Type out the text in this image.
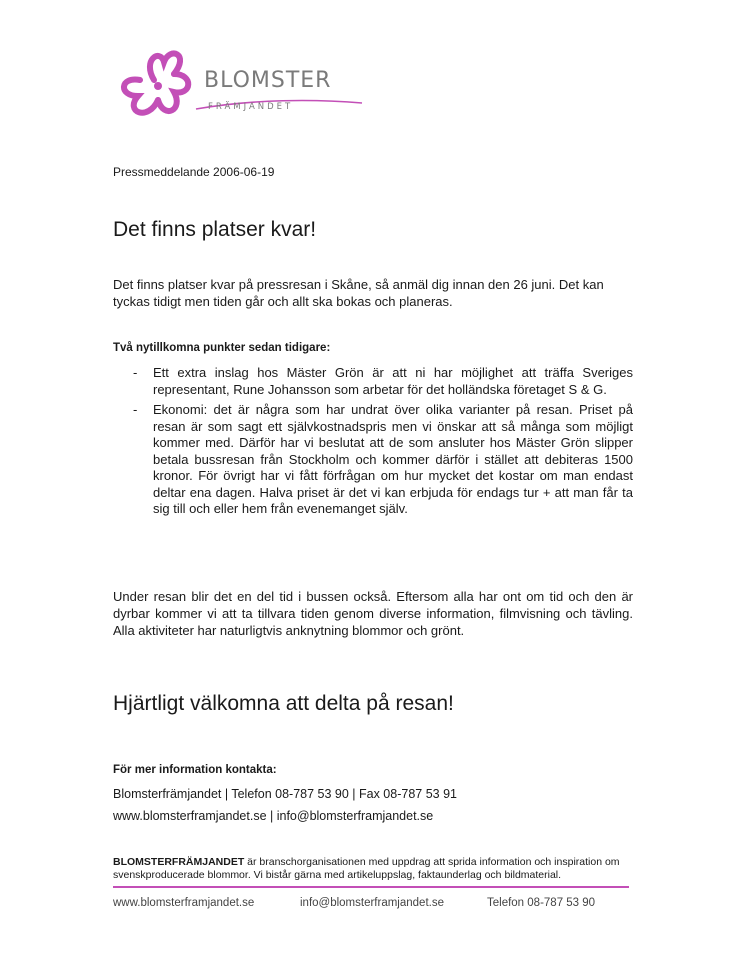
BLOMSTER
FRÄMJANDET
Pressmeddelande 2006-06-19
Det finns platser kvar!

Det finns platser kvar på pressresan i Skåne, så anmäl dig innan den 26 juni. Det kan tyckas tidigt men tiden går och allt ska bokas och planeras.

Två nytillkomna punkter sedan tidigare:
- Ett extra inslag hos Mäster Grön är att ni har möjlighet att träffa Sveriges representant, Rune Johansson som arbetar för det holländska företaget S & G.
- Ekonomi: det är några som har undrat över olika varianter på resan. Priset på resan är som sagt ett självkostnadspris men vi önskar att så många som möjligt kommer med. Därför har vi beslutat att de som ansluter hos Mäster Grön slipper betala bussresan från Stockholm och kommer därför i stället att debiteras 1500 kronor. För övrigt har vi fått förfrågan om hur mycket det kostar om man endast deltar ena dagen. Halva priset är det vi kan erbjuda för endags tur + att man får ta sig till och eller hem från evenemanget själv.

Under resan blir det en del tid i bussen också. Eftersom alla har ont om tid och den är dyrbar kommer vi att ta tillvara tiden genom diverse information, filmvisning och tävling. Alla aktiviteter har naturligtvis anknytning blommor och grönt.

Hjärtligt välkomna att delta på resan!
För mer information kontakta:
Blomsterfrämjandet | Telefon 08-787 53 90 | Fax 08-787 53 91
www.blomsterframjandet.se | info@blomsterframjandet.se
BLOMSTERFRÄMJANDET är branschorganisationen med uppdrag att sprida information och inspiration om svenskproducerade blommor. Vi bistår gärna med artikeluppslag, faktaunderlag och bildmaterial.
www.blomsterframjandet.se	info@blomsterframjandet.se	Telefon 08-787 53 90
